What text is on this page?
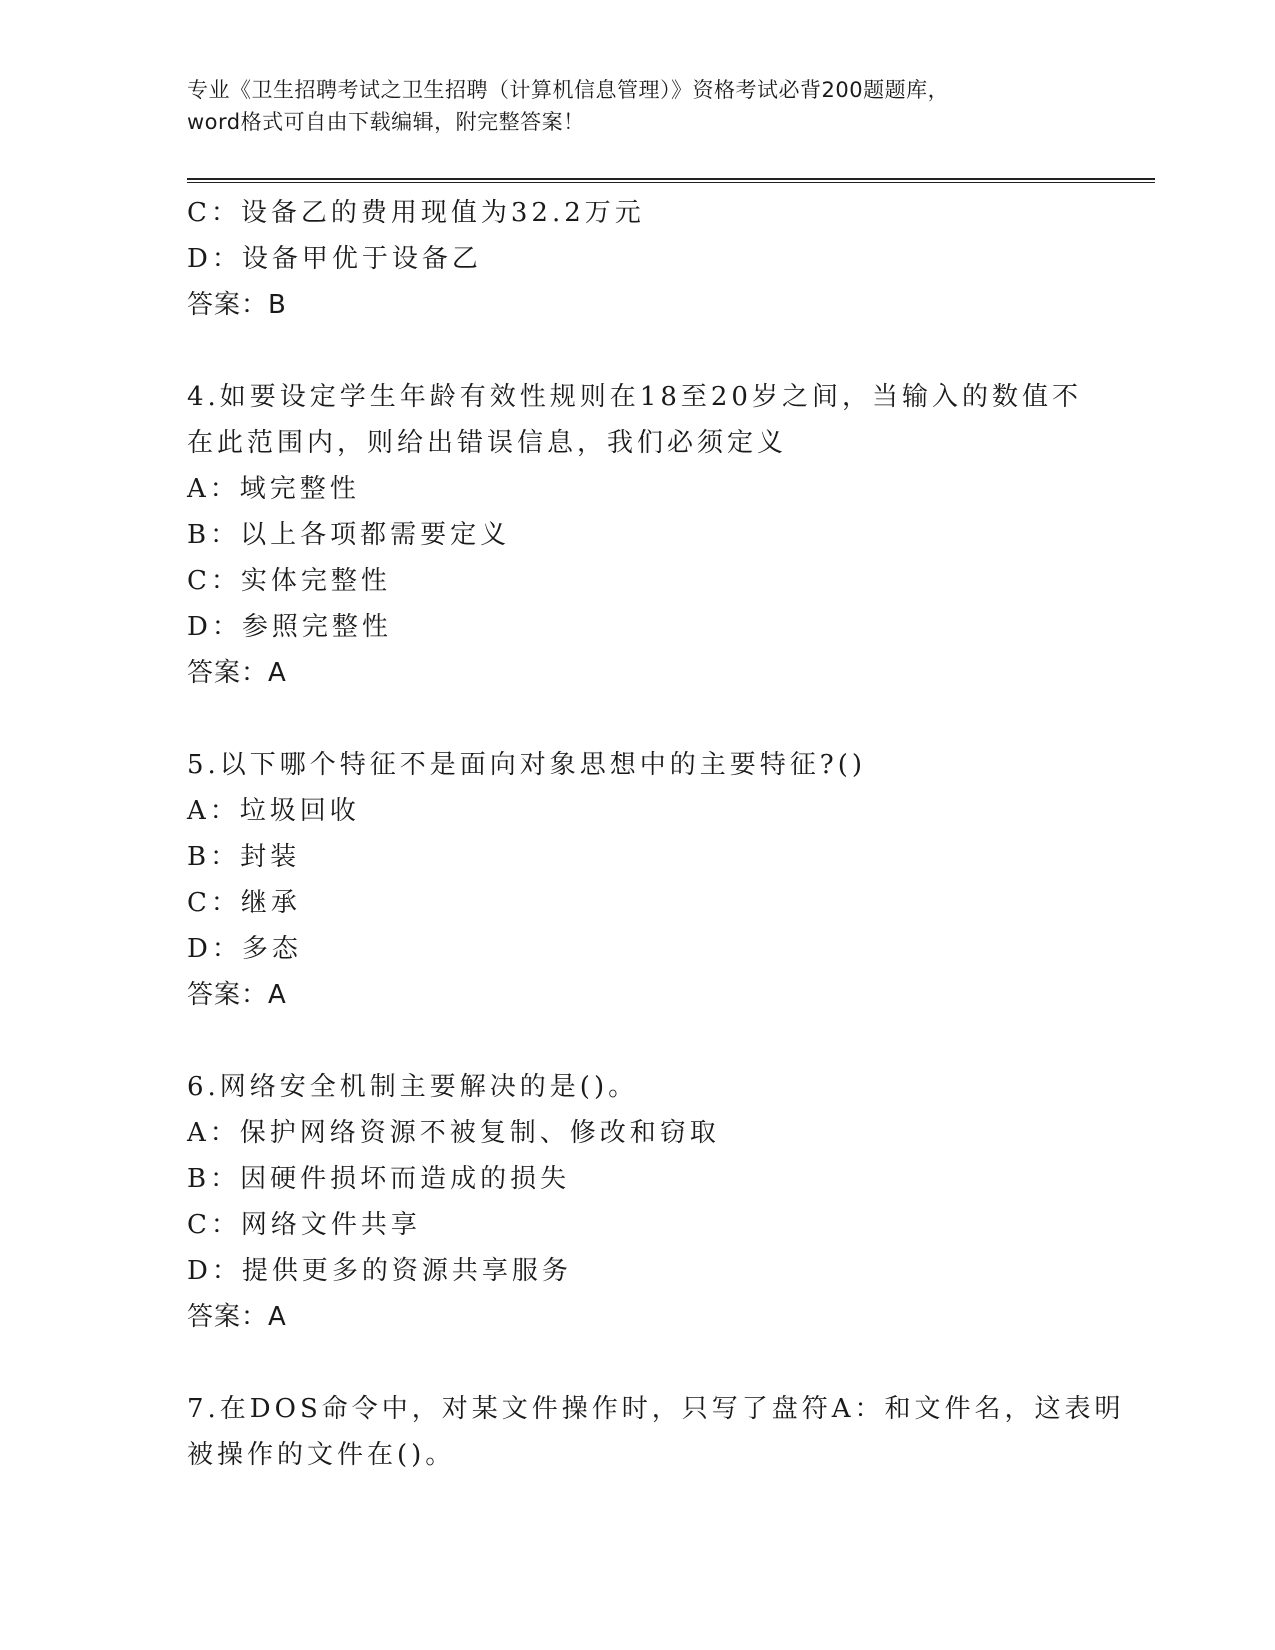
专业《卫生招聘考试之卫生招聘（计算机信息管理）》资格考试必背200题题库，
word格式可自由下载编辑，附完整答案！
C：设备乙的费用现值为32.2万元
D：设备甲优于设备乙
答案：B
4.如要设定学生年龄有效性规则在18至20岁之间，当输入的数值不
在此范围内，则给出错误信息，我们必须定义
A：域完整性
B：以上各项都需要定义
C：实体完整性
D：参照完整性
答案：A
5.以下哪个特征不是面向对象思想中的主要特征?()
A：垃圾回收
B：封装
C：继承
D：多态
答案：A
6.网络安全机制主要解决的是()。
A：保护网络资源不被复制、修改和窃取
B：因硬件损坏而造成的损失
C：网络文件共享
D：提供更多的资源共享服务
答案：A
7.在DOS命令中，对某文件操作时，只写了盘符A：和文件名，这表明
被操作的文件在()。
